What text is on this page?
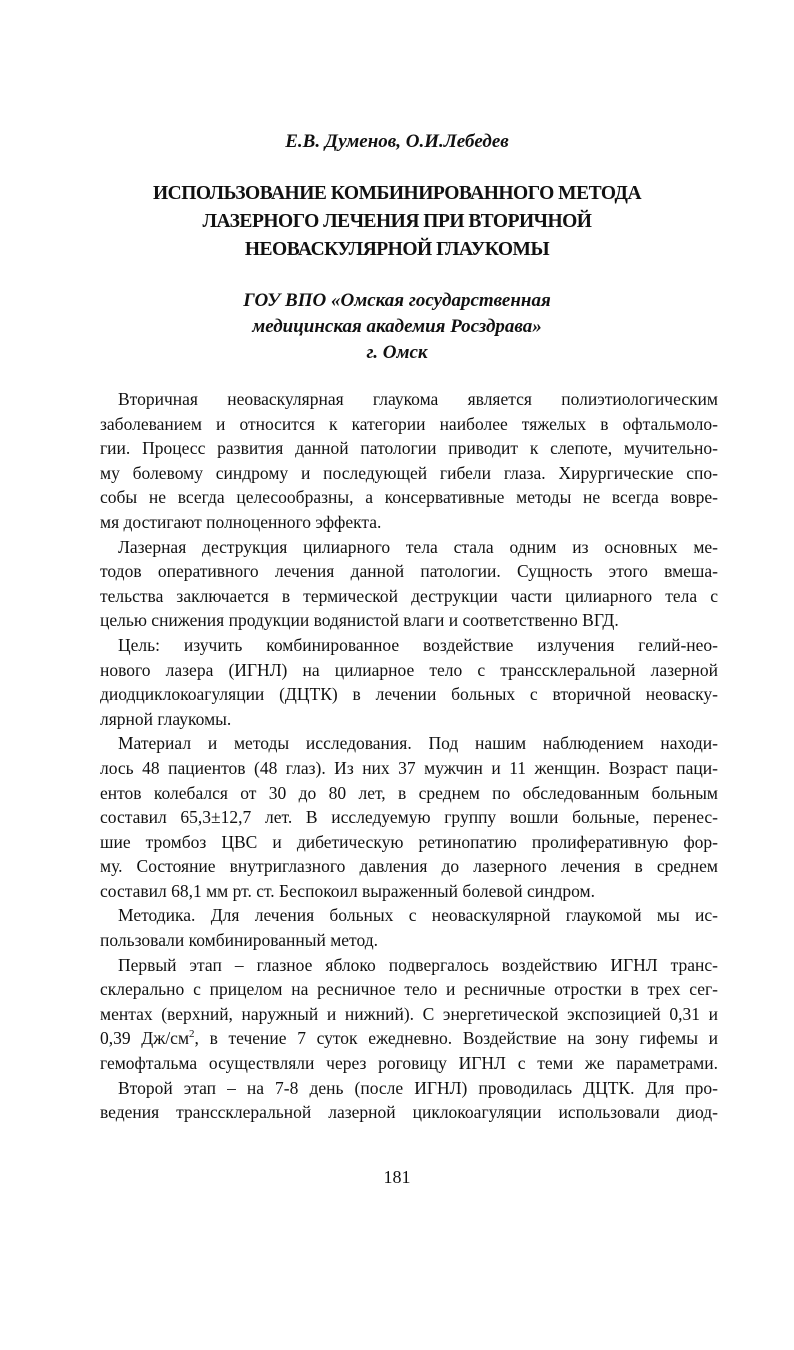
Е.В. Думенов, О.И.Лебедев
ИСПОЛЬЗОВАНИЕ КОМБИНИРОВАННОГО МЕТОДА
ЛАЗЕРНОГО ЛЕЧЕНИЯ ПРИ ВТОРИЧНОЙ
НЕОВАСКУЛЯРНОЙ ГЛАУКОМЫ
ГОУ ВПО «Омская государственная
медицинская академия Росздрава»
г. Омск
Вторичная неоваскулярная глаукома является полиэтиологическим
заболеванием и относится к категории наиболее тяжелых в офтальмоло-
гии. Процесс развития данной патологии приводит к слепоте, мучительно-
му болевому синдрому и последующей гибели глаза. Хирургические спо-
собы не всегда целесообразны, а консервативные методы не всегда вовре-
мя достигают полноценного эффекта.
Лазерная деструкция цилиарного тела стала одним из основных ме-
тодов оперативного лечения данной патологии. Сущность этого вмеша-
тельства заключается в термической деструкции части цилиарного тела с
целью снижения продукции водянистой влаги и соответственно ВГД.
Цель: изучить комбинированное воздействие излучения гелий-нео-
нового лазера (ИГНЛ) на цилиарное тело с транссклеральной лазерной
диодциклокоагуляции (ДЦТК) в лечении больных с вторичной неоваску-
лярной глаукомы.
Материал и методы исследования. Под нашим наблюдением находи-
лось 48 пациентов (48 глаз). Из них 37 мужчин и 11 женщин. Возраст паци-
ентов колебался от 30 до 80 лет, в среднем по обследованным больным
составил 65,3±12,7 лет. В исследуемую группу вошли больные, перенес-
шие тромбоз ЦВС и дибетическую ретинопатию пролиферативную фор-
му. Состояние внутриглазного давления до лазерного лечения в среднем
составил 68,1 мм рт. ст. Беспокоил выраженный болевой синдром.
Методика. Для лечения больных с неоваскулярной глаукомой мы ис-
пользовали комбинированный метод.
Первый этап – глазное яблоко подвергалось воздействию ИГНЛ транс-
склерально с прицелом на ресничное тело и ресничные отростки в трех сег-
ментах (верхний, наружный и нижний). С энергетической экспозицией 0,31 и
0,39 $Дж/см^2$, в течение 7 суток ежедневно. Воздействие на зону гифемы и
гемофтальма осуществляли через роговицу ИГНЛ с теми же параметрами.
Второй этап – на 7-8 день (после ИГНЛ) проводилась ДЦТК. Для про-
ведения транссклеральной лазерной циклокоагуляции использовали диод-
181
